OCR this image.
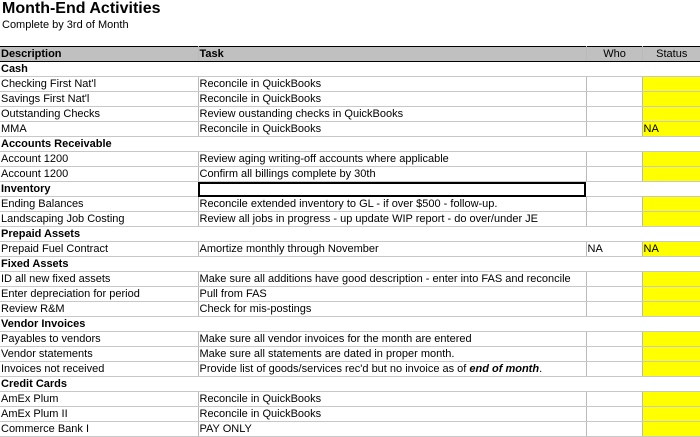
Month-End Activities
Complete by 3rd of Month
Description	Task	Who	Status
Cash			
Checking First Nat'l	Reconcile in QuickBooks		
Savings First Nat'l	Reconcile in QuickBooks		
Outstanding Checks	Review oustanding checks in QuickBooks		
MMA	Reconcile in QuickBooks		NA
Accounts Receivable			
Account 1200	Review aging writing-off accounts where applicable		
Account 1200	Confirm all billings complete by 30th		
Inventory			
Ending Balances	Reconcile extended inventory to GL - if over $500 - follow-up.		
Landscaping Job Costing	Review all jobs in progress - up update WIP report - do over/under JE		
Prepaid Assets			
Prepaid Fuel Contract	Amortize monthly through November	NA	NA
Fixed Assets			
ID all new fixed assets	Make sure all additions have good description - enter into FAS and reconcile		
Enter depreciation for period	Pull from FAS		
Review R&M	Check for mis-postings		
Vendor Invoices			
Payables to vendors	Make sure all vendor invoices for the month are entered		
Vendor statements	Make sure all statements are dated in proper month.		
Invoices not received	Provide list of goods/services rec'd but no invoice as of end of month.		
Credit Cards			
AmEx Plum	Reconcile in QuickBooks		
AmEx Plum II	Reconcile in QuickBooks		
Commerce Bank I	PAY ONLY		
